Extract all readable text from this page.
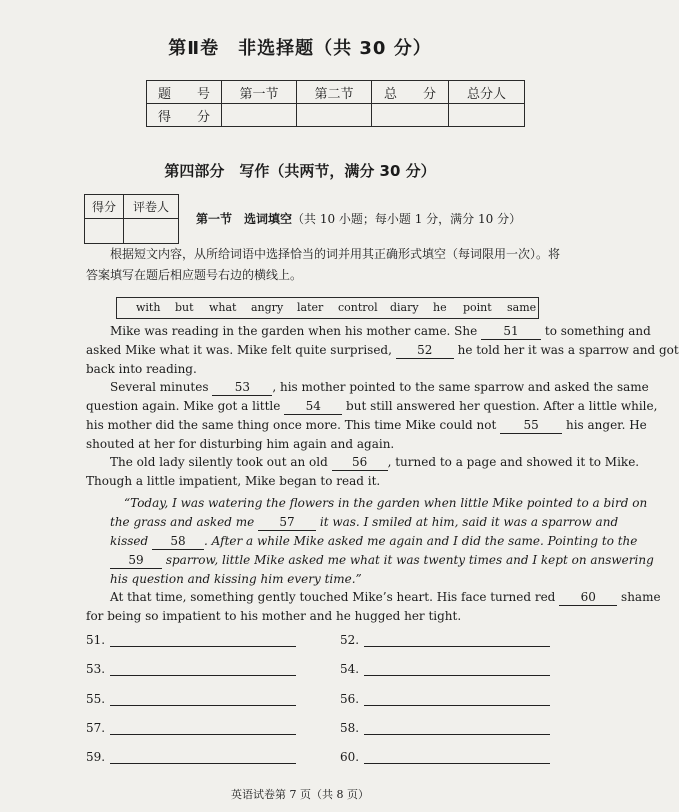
第Ⅱ卷　非选择题（共 30 分）
题　　号	第一节	第二节	总　　分	总分人
得　　分				
第四部分　写作（共两节，满分 30 分）
得分	评卷人

第一节　选词填空（共 10 小题；每小题 1 分，满分 10 分）
根据短文内容，从所给词语中选择恰当的词并用其正确形式填空（每词限用一次）。将
答案填写在题后相应题号右边的横线上。
with but what angry later control diary he point same
Mike was reading in the garden when his mother came. She 51 to something and
asked Mike what it was. Mike felt quite surprised, 52 he told her it was a sparrow and got
back into reading.
Several minutes 53 , his mother pointed to the same sparrow and asked the same
question again. Mike got a little 54 but still answered her question. After a little while,
his mother did the same thing once more. This time Mike could not 55 his anger. He
shouted at her for disturbing him again and again.
The old lady silently took out an old 56 , turned to a page and showed it to Mike.
Though a little impatient, Mike began to read it.
“Today, I was watering the flowers in the garden when little Mike pointed to a bird on
the grass and asked me 57 it was. I smiled at him, said it was a sparrow and
kissed 58 . After a while Mike asked me again and I did the same. Pointing to the
59 sparrow, little Mike asked me what it was twenty times and I kept on answering
his question and kissing him every time.”
At that time, something gently touched Mike’s heart. His face turned red 60 shame
for being so impatient to his mother and he hugged her tight.
51.	52.
53.	54.
55.	56.
57.	58.
59.	60.
英语试卷第 7 页（共 8 页）
